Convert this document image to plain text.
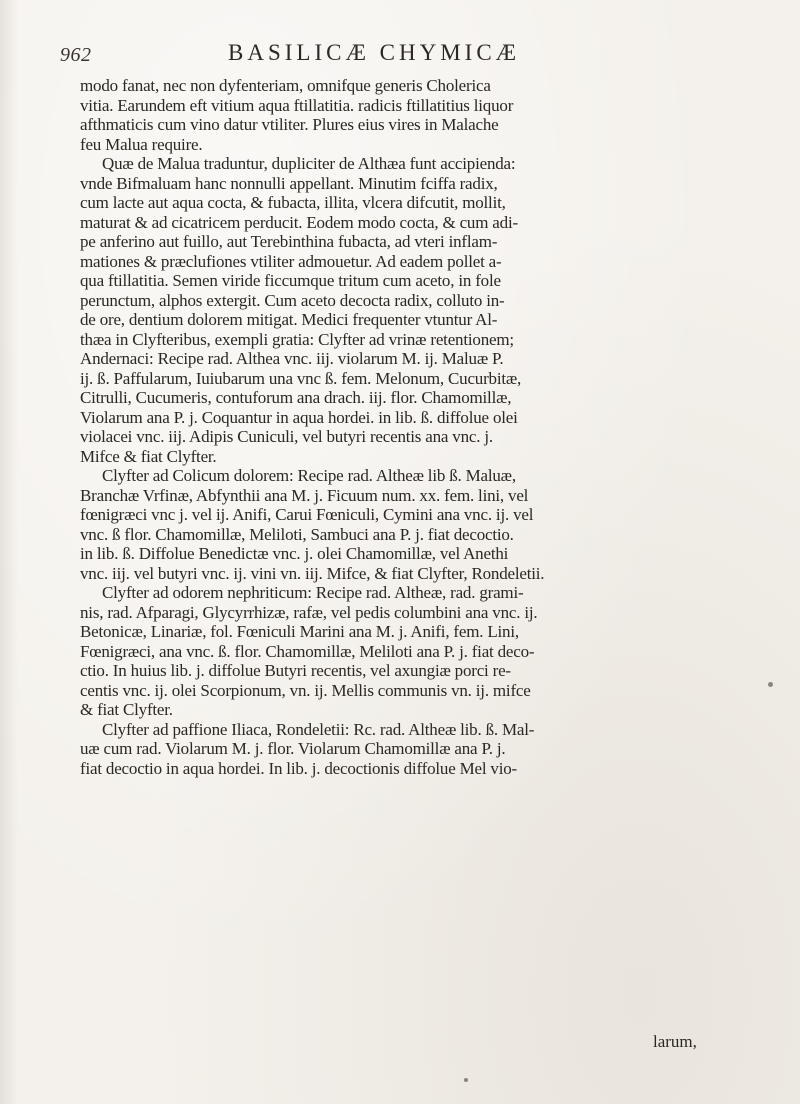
962	BASILICÆ CHYMICÆ
modo fanat, nec non dyfenteriam, omnifque generis Cholerica
vitia. Earundem eft vitium aqua ftillatitia. radicis ftillatitius liquor
afthmaticis cum vino datur vtiliter. Plures eius vires in Malache
feu Malua require.
Quæ de Malua traduntur, dupliciter de Althæa funt accipienda:
vnde Bifmaluam hanc nonnulli appellant. Minutim fciffa radix,
cum lacte aut aqua cocta, & fubacta, illita, vlcera difcutit, mollit,
maturat & ad cicatricem perducit. Eodem modo cocta, & cum adi-
pe anferino aut fuillo, aut Terebinthina fubacta, ad vteri inflam-
mationes & præclufiones vtiliter admouetur. Ad eadem pollet a-
qua ftillatitia. Semen viride ficcumque tritum cum aceto, in fole
perunctum, alphos extergit. Cum aceto decocta radix, colluto in-
de ore, dentium dolorem mitigat. Medici frequenter vtuntur Al-
thæa in Clyfteribus, exempli gratia: Clyfter ad vrinæ retentionem;
Andernaci: Recipe rad. Althea vnc. iij. violarum M. ij. Maluæ P.
ij. ß. Paffularum, Iuiubarum una vnc ß. fem. Melonum, Cucurbitæ,
Citrulli, Cucumeris, contuforum ana drach. iij. flor. Chamomillæ,
Violarum ana P. j. Coquantur in aqua hordei. in lib. ß. diffolue olei
violacei vnc. iij. Adipis Cuniculi, vel butyri recentis ana vnc. j.
Mifce & fiat Clyfter.
Clyfter ad Colicum dolorem: Recipe rad. Altheæ lib ß. Maluæ,
Branchæ Vrfinæ, Abfynthii ana M. j. Ficuum num. xx. fem. lini, vel
fœnigræci vnc j. vel ij. Anifi, Carui Fœniculi, Cymini ana vnc. ij. vel
vnc. ß flor. Chamomillæ, Meliloti, Sambuci ana P. j. fiat decoctio.
in lib. ß. Diffolue Benedictæ vnc. j. olei Chamomillæ, vel Anethi
vnc. iij. vel butyri vnc. ij. vini vn. iij. Mifce, & fiat Clyfter, Rondeletii.
Clyfter ad odorem nephriticum: Recipe rad. Altheæ, rad. grami-
nis, rad. Afparagi, Glycyrrhizæ, rafæ, vel pedis columbini ana vnc. ij.
Betonicæ, Linariæ, fol. Fœniculi Marini ana M. j. Anifi, fem. Lini,
Fœnigræci, ana vnc. ß. flor. Chamomillæ, Meliloti ana P. j. fiat deco-
ctio. In huius lib. j. diffolue Butyri recentis, vel axungiæ porci re-
centis vnc. ij. olei Scorpionum, vn. ij. Mellis communis vn. ij. mifce
& fiat Clyfter.
Clyfter ad paffione Iliaca, Rondeletii: Rc. rad. Altheæ lib. ß. Mal-
uæ cum rad. Violarum M. j. flor. Violarum Chamomillæ ana P. j.
fiat decoctio in aqua hordei. In lib. j. decoctionis diffolue Mel vio-
larum,
